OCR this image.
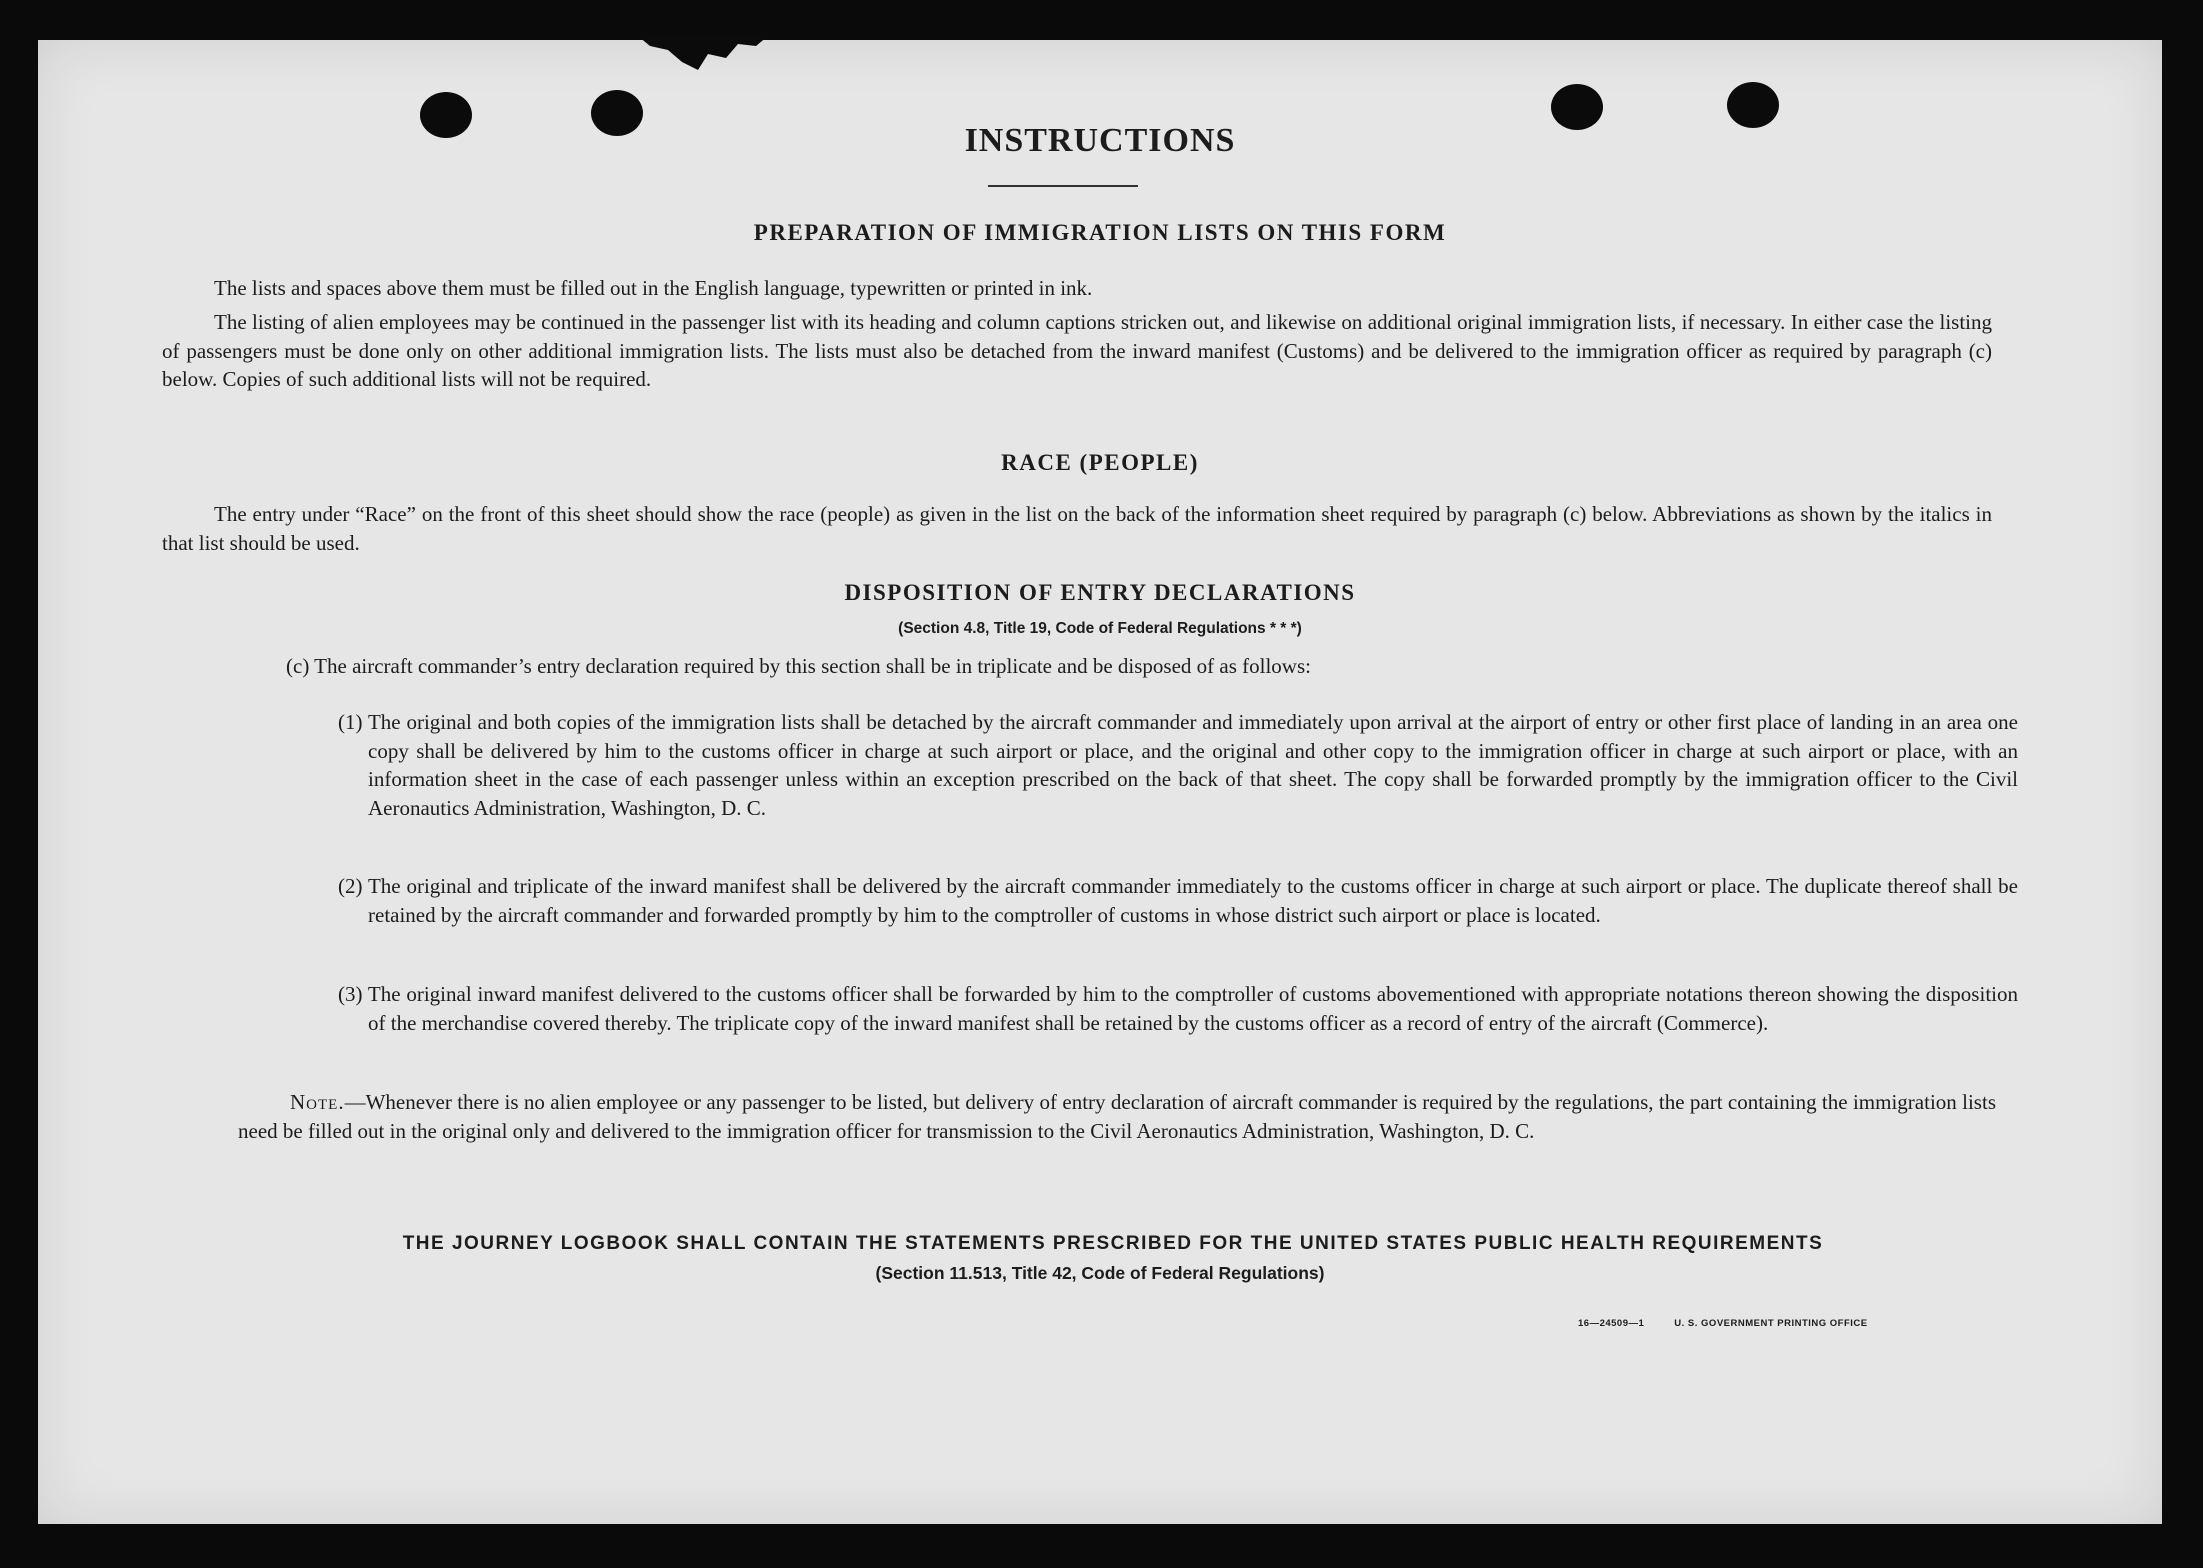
INSTRUCTIONS
PREPARATION OF IMMIGRATION LISTS ON THIS FORM
The lists and spaces above them must be filled out in the English language, typewritten or printed in ink.
The listing of alien employees may be continued in the passenger list with its heading and column captions stricken out, and likewise on additional original immigration lists, if necessary. In either case the listing of passengers must be done only on other additional immigration lists. The lists must also be detached from the inward manifest (Customs) and be delivered to the immigration officer as required by paragraph (c) below. Copies of such additional lists will not be required.
RACE (PEOPLE)
The entry under “Race” on the front of this sheet should show the race (people) as given in the list on the back of the information sheet required by paragraph (c) below. Abbreviations as shown by the italics in that list should be used.
DISPOSITION OF ENTRY DECLARATIONS
(Section 4.8, Title 19, Code of Federal Regulations * * *)
(c) The aircraft commander’s entry declaration required by this section shall be in triplicate and be disposed of as follows:
(1) The original and both copies of the immigration lists shall be detached by the aircraft commander and immediately upon arrival at the airport of entry or other first place of landing in an area one copy shall be delivered by him to the customs officer in charge at such airport or place, and the original and other copy to the immigration officer in charge at such airport or place, with an information sheet in the case of each passenger unless within an exception prescribed on the back of that sheet. The copy shall be forwarded promptly by the immigration officer to the Civil Aeronautics Administration, Washington, D. C.
(2) The original and triplicate of the inward manifest shall be delivered by the aircraft commander immediately to the customs officer in charge at such airport or place. The duplicate thereof shall be retained by the aircraft commander and forwarded promptly by him to the comptroller of customs in whose district such airport or place is located.
(3) The original inward manifest delivered to the customs officer shall be forwarded by him to the comptroller of customs abovementioned with appropriate notations thereon showing the disposition of the merchandise covered thereby. The triplicate copy of the inward manifest shall be retained by the customs officer as a record of entry of the aircraft (Commerce).
Note.—Whenever there is no alien employee or any passenger to be listed, but delivery of entry declaration of aircraft commander is required by the regulations, the part containing the immigration lists need be filled out in the original only and delivered to the immigration officer for transmission to the Civil Aeronautics Administration, Washington, D. C.
THE JOURNEY LOGBOOK SHALL CONTAIN THE STATEMENTS PRESCRIBED FOR THE UNITED STATES PUBLIC HEALTH REQUIREMENTS
(Section 11.513, Title 42, Code of Federal Regulations)
16—24509—1	U. S. GOVERNMENT PRINTING OFFICE
